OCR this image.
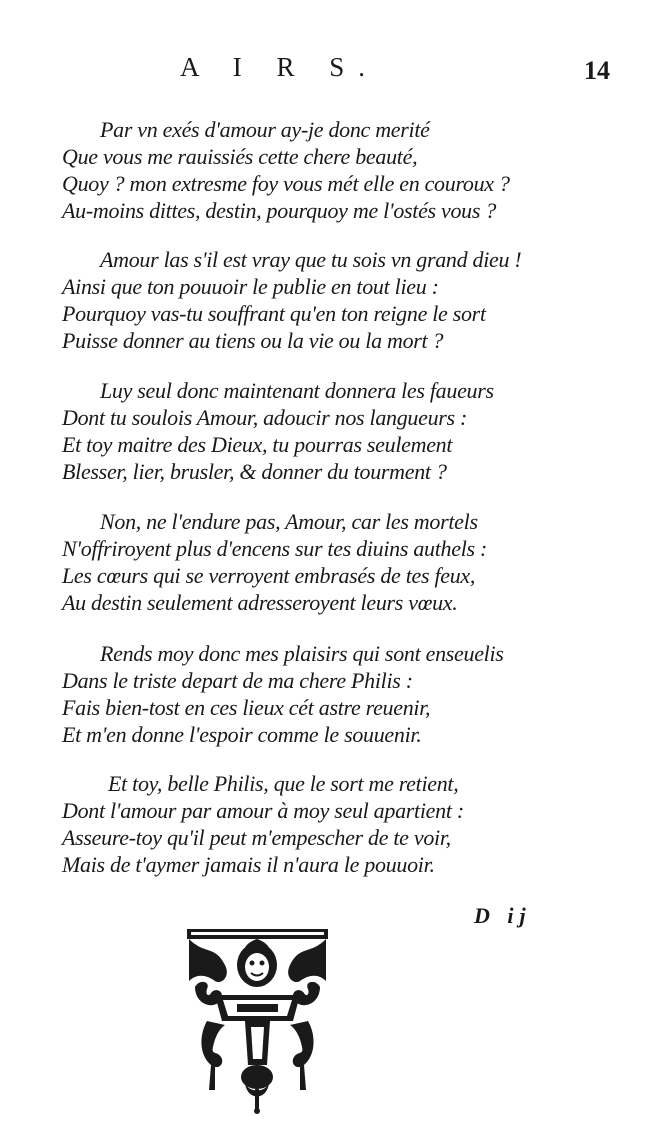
A I R S.	14
Par vn exés d'amour ay-je donc merité
Que vous me rauissiés cette chere beauté,
Quoy ? mon extresme foy vous mét elle en couroux ?
Au-moins dittes, destin, pourquoy me l'ostés vous ?
Amour las s'il est vray que tu sois vn grand dieu !
Ainsi que ton pouuoir le publie en tout lieu :
Pourquoy vas-tu souffrant qu'en ton reigne le sort
Puisse donner au tiens ou la vie ou la mort ?
Luy seul donc maintenant donnera les faueurs
Dont tu soulois Amour, adoucir nos langueurs :
Et toy maitre des Dieux, tu pourras seulement
Blesser, lier, brusler, & donner du tourment ?
Non, ne l'endure pas, Amour, car les mortels
N'offriroyent plus d'encens sur tes diuins authels :
Les cœurs qui se verroyent embrasés de tes feux,
Au destin seulement adresseroyent leurs vœux.
Rends moy donc mes plaisirs qui sont enseuelis
Dans le triste depart de ma chere Philis :
Fais bien-tost en ces lieux cét astre reuenir,
Et m'en donne l'espoir comme le souuenir.
Et toy, belle Philis, que le sort me retient,
Dont l'amour par amour à moy seul apartient :
Asseure-toy qu'il peut m'empescher de te voir,
Mais de t'aymer jamais il n'aura le pouuoir.
D ij
